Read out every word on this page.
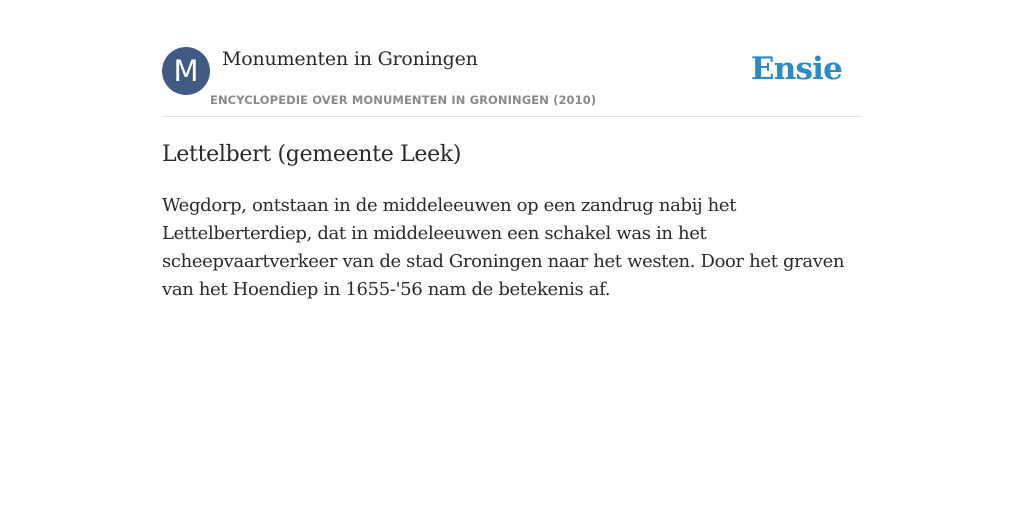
M	Monumenten in Groningen
ENCYCLOPEDIE OVER MONUMENTEN IN GRONINGEN (2010)
Ensie
Lettelbert (gemeente Leek)

Wegdorp, ontstaan in de middeleeuwen op een zandrug nabij het Lettelberterdiep, dat in middeleeuwen een schakel was in het scheepvaartverkeer van de stad Groningen naar het westen. Door het graven van het Hoendiep in 1655-'56 nam de betekenis af.
